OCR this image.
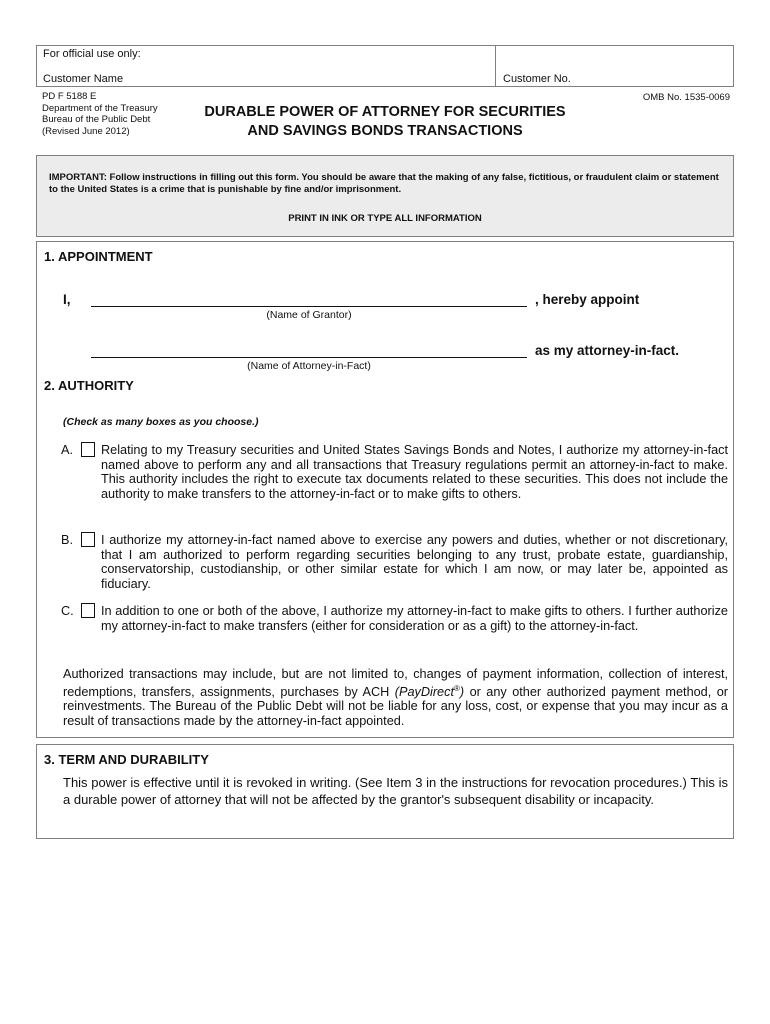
For official use only:
Customer Name	Customer No.
PD F 5188 E
Department of the Treasury
Bureau of the Public Debt
(Revised June 2012)
DURABLE POWER OF ATTORNEY FOR SECURITIES
AND SAVINGS BONDS TRANSACTIONS
OMB No. 1535-0069
IMPORTANT: Follow instructions in filling out this form. You should be aware that the making of any false, fictitious, or fraudulent claim or statement to the United States is a crime that is punishable by fine and/or imprisonment.
PRINT IN INK OR TYPE ALL INFORMATION
1. APPOINTMENT
I,	, hereby appoint
(Name of Grantor)
as my attorney-in-fact.
(Name of Attorney-in-Fact)
2. AUTHORITY
(Check as many boxes as you choose.)
A. Relating to my Treasury securities and United States Savings Bonds and Notes, I authorize my attorney-in-fact named above to perform any and all transactions that Treasury regulations permit an attorney-in-fact to make. This authority includes the right to execute tax documents related to these securities. This does not include the authority to make transfers to the attorney-in-fact or to make gifts to others.
B. I authorize my attorney-in-fact named above to exercise any powers and duties, whether or not discretionary, that I am authorized to perform regarding securities belonging to any trust, probate estate, guardianship, conservatorship, custodianship, or other similar estate for which I am now, or may later be, appointed as fiduciary.
C. In addition to one or both of the above, I authorize my attorney-in-fact to make gifts to others. I further authorize my attorney-in-fact to make transfers (either for consideration or as a gift) to the attorney-in-fact.
Authorized transactions may include, but are not limited to, changes of payment information, collection of interest, redemptions, transfers, assignments, purchases by ACH (PayDirect®) or any other authorized payment method, or reinvestments. The Bureau of the Public Debt will not be liable for any loss, cost, or expense that you may incur as a result of transactions made by the attorney-in-fact appointed.
3. TERM AND DURABILITY
This power is effective until it is revoked in writing. (See Item 3 in the instructions for revocation procedures.) This is a durable power of attorney that will not be affected by the grantor's subsequent disability or incapacity.
